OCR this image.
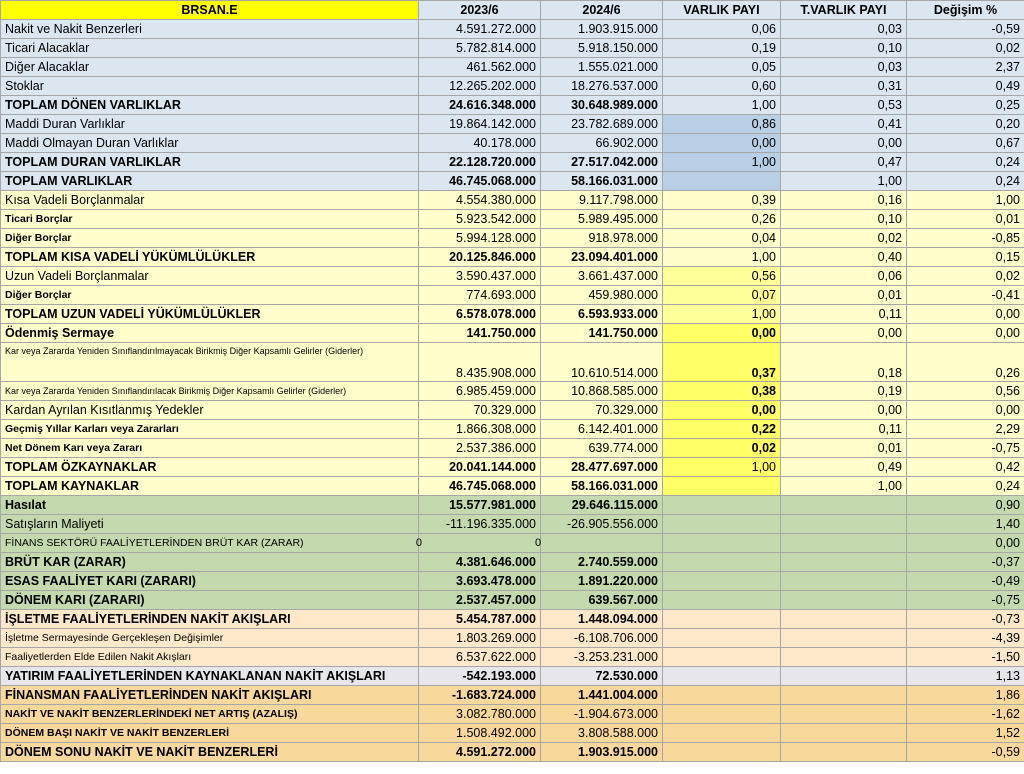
BRSAN.E	2023/6	2024/6	VARLIK PAYI	T.VARLIK PAYI	Değişim %
Nakit ve Nakit Benzerleri	4.591.272.000	1.903.915.000	0,06	0,03	-0,59
Ticari Alacaklar	5.782.814.000	5.918.150.000	0,19	0,10	0,02
Diğer Alacaklar	461.562.000	1.555.021.000	0,05	0,03	2,37
Stoklar	12.265.202.000	18.276.537.000	0,60	0,31	0,49
TOPLAM DÖNEN VARLIKLAR	24.616.348.000	30.648.989.000	1,00	0,53	0,25
Maddi Duran Varlıklar	19.864.142.000	23.782.689.000	0,86	0,41	0,20
Maddi Olmayan Duran Varlıklar	40.178.000	66.902.000	0,00	0,00	0,67
TOPLAM DURAN VARLIKLAR	22.128.720.000	27.517.042.000	1,00	0,47	0,24
TOPLAM VARLIKLAR	46.745.068.000	58.166.031.000		1,00	0,24
Kısa Vadeli Borçlanmalar	4.554.380.000	9.117.798.000	0,39	0,16	1,00
Ticari Borçlar	5.923.542.000	5.989.495.000	0,26	0,10	0,01
Diğer Borçlar	5.994.128.000	918.978.000	0,04	0,02	-0,85
TOPLAM KISA VADELİ YÜKÜMLÜLÜKLER	20.125.846.000	23.094.401.000	1,00	0,40	0,15
Uzun Vadeli Borçlanmalar	3.590.437.000	3.661.437.000	0,56	0,06	0,02
Diğer Borçlar	774.693.000	459.980.000	0,07	0,01	-0,41
TOPLAM UZUN VADELİ YÜKÜMLÜLÜKLER	6.578.078.000	6.593.933.000	1,00	0,11	0,00
Ödenmiş Sermaye	141.750.000	141.750.000	0,00	0,00	0,00

Kar veya Zararda Yeniden Sınıflandırılmayacak Birikmiş Diğer Kapsamlı Gelirler (Giderler)	8.435.908.000	10.610.514.000	0,37	0,18	0,26
Kar veya Zararda Yeniden Sınıflandırılacak Birikmiş Diğer Kapsamlı Gelirler (Giderler)	6.985.459.000	10.868.585.000	0,38	0,19	0,56
Kardan Ayrılan Kısıtlanmış Yedekler	70.329.000	70.329.000	0,00	0,00	0,00
Geçmiş Yıllar Karları veya Zararları	1.866.308.000	6.142.401.000	0,22	0,11	2,29
Net Dönem Karı veya Zararı	2.537.386.000	639.774.000	0,02	0,01	-0,75
TOPLAM ÖZKAYNAKLAR	20.041.144.000	28.477.697.000	1,00	0,49	0,42
TOPLAM KAYNAKLAR	46.745.068.000	58.166.031.000		1,00	0,24
Hasılat	15.577.981.000	29.646.115.000			0,90
Satışların Maliyeti	-11.196.335.000	-26.905.556.000			1,40
FİNANS SEKTÖRÜ FAALİYETLERİNDEN BRÜT KAR (ZARAR) 0	0				0,00
BRÜT KAR (ZARAR)	4.381.646.000	2.740.559.000			-0,37
ESAS FAALİYET KARI (ZARARI)	3.693.478.000	1.891.220.000			-0,49
DÖNEM KARI (ZARARI)	2.537.457.000	639.567.000			-0,75
İŞLETME FAALİYETLERİNDEN NAKİT AKIŞLARI	5.454.787.000	1.448.094.000			-0,73
İşletme Sermayesinde Gerçekleşen Değişimler	1.803.269.000	-6.108.706.000			-4,39
Faaliyetlerden Elde Edilen Nakit Akışları	6.537.622.000	-3.253.231.000			-1,50
YATIRIM FAALİYETLERİNDEN KAYNAKLANAN NAKİT AKIŞLARI	-542.193.000	72.530.000			1,13
FİNANSMAN FAALİYETLERİNDEN NAKİT AKIŞLARI	-1.683.724.000	1.441.004.000			1,86
NAKİT VE NAKİT BENZERLERİNDEKİ NET ARTIŞ (AZALIŞ)	3.082.780.000	-1.904.673.000			-1,62
DÖNEM BAŞI NAKİT VE NAKİT BENZERLERİ	1.508.492.000	3.808.588.000			1,52
DÖNEM SONU NAKİT VE NAKİT BENZERLERİ	4.591.272.000	1.903.915.000			-0,59
